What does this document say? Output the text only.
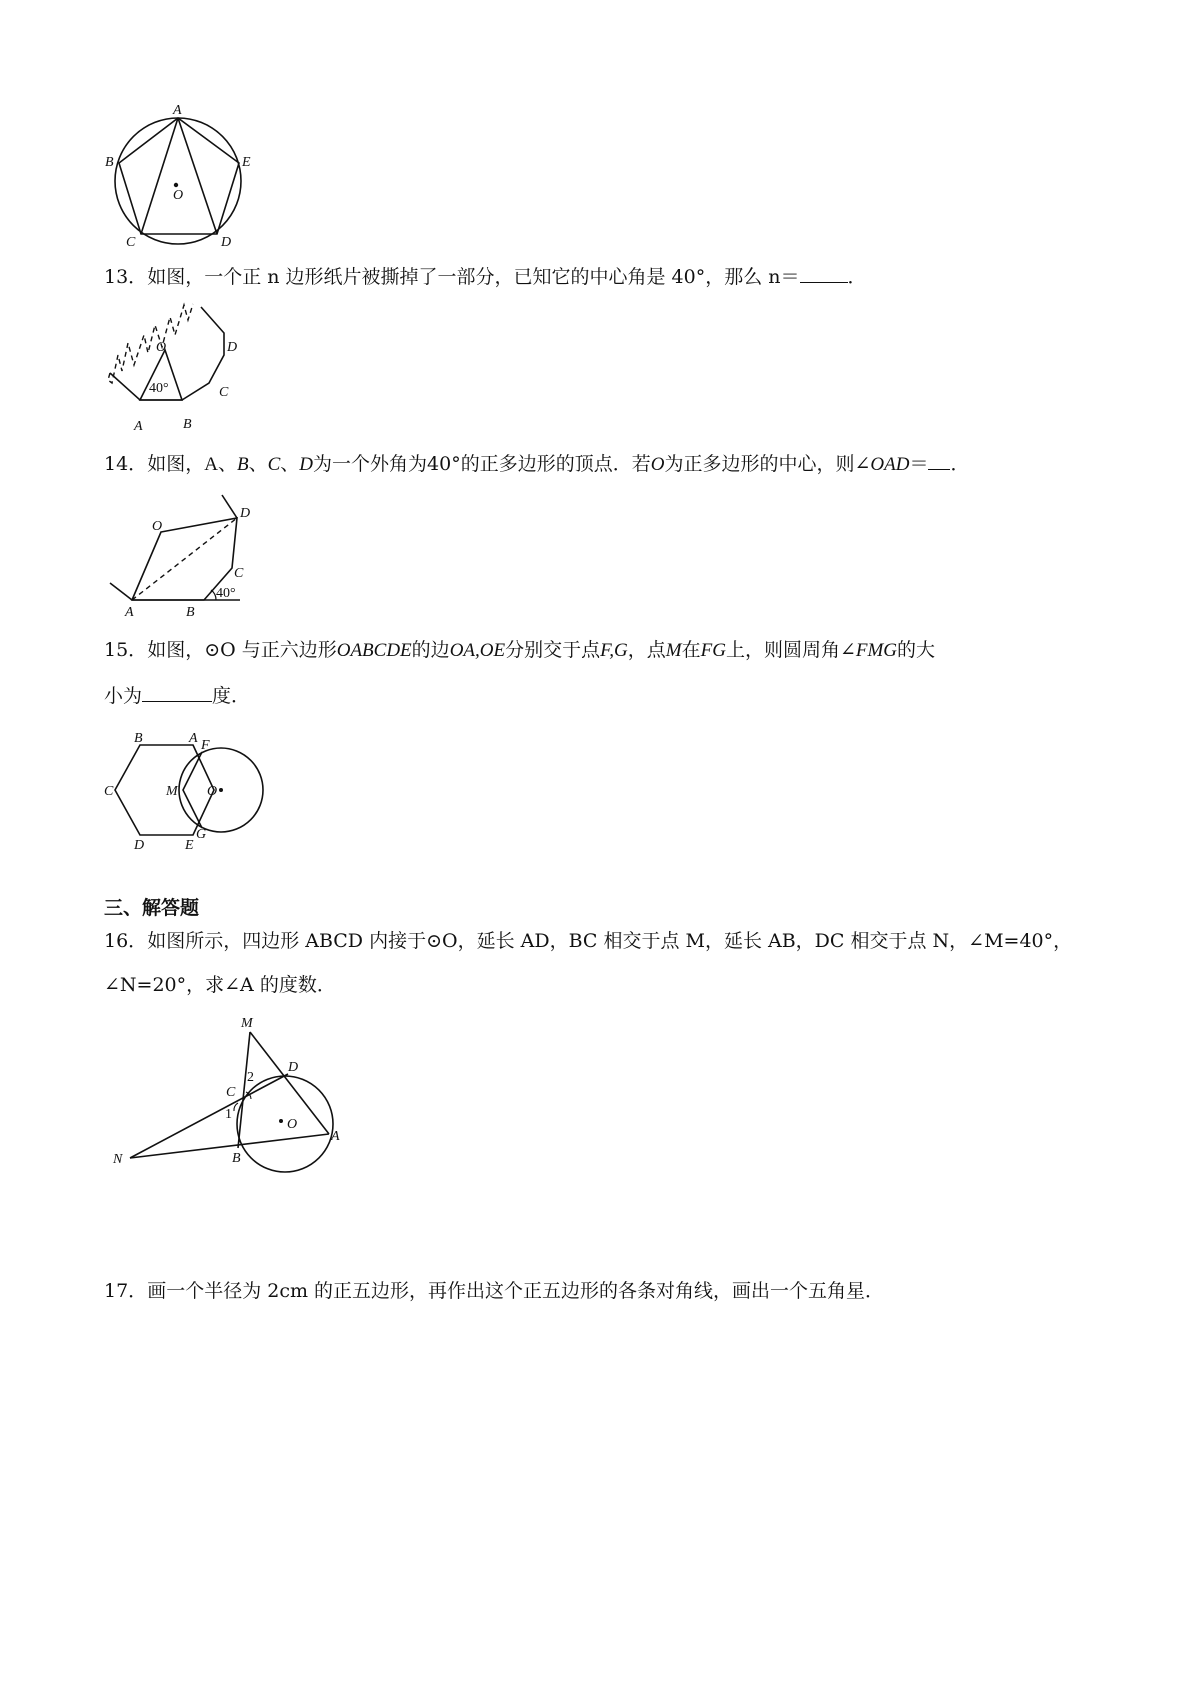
A
B
C	D
E
O
13．如图，一个正 n 边形纸片被撕掉了一部分，已知它的中心角是 40°，那么 n＝	．
O
40°
A	B
C
D
14．如图，A、B、C、D为一个外角为40°的正多边形的顶点．若O为正多边形的中心，则∠OAD＝ ．
O
D
C
A	B
40°
15．如图，⊙O 与正六边形OABCDE的边OA,OE分别交于点F,G，点M在FG上，则圆周角∠FMG的大
小为	度．
B	A F
C	M O
D	E
G
三、解答题
16．如图所示，四边形 ABCD 内接于⊙O，延长 AD，BC 相交于点 M，延长 AB，DC 相交于点 N，∠M=40°，
∠N=20°，求∠A 的度数．
M
D
C
2
1
O
A
N	B
17．画一个半径为 2cm 的正五边形，再作出这个正五边形的各条对角线，画出一个五角星．
